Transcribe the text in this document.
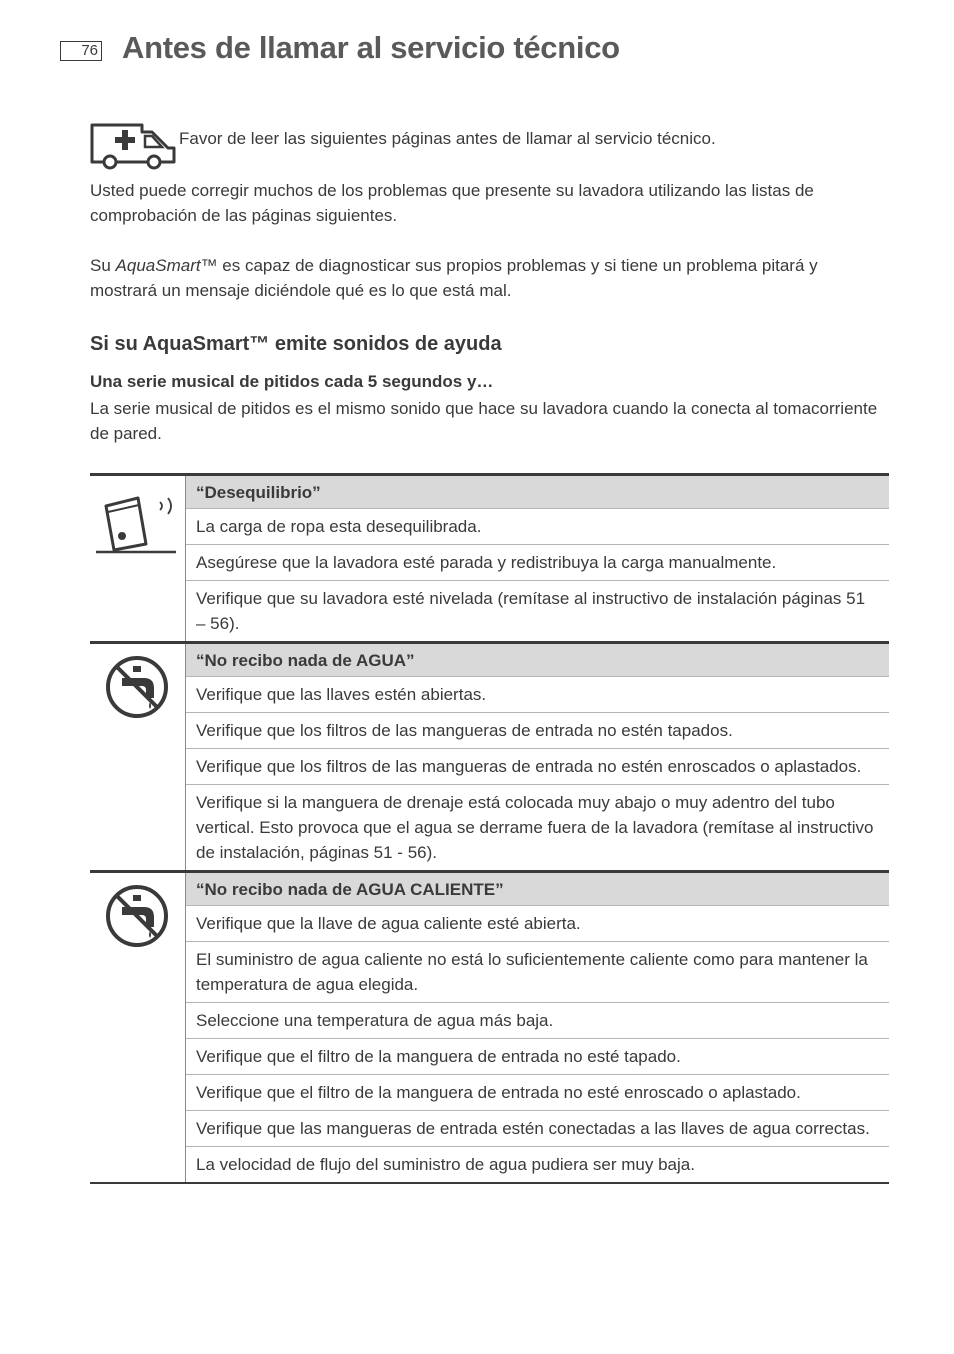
76 Antes de llamar al servicio técnico
Favor de leer las siguientes páginas antes de llamar al servicio técnico.

Usted puede corregir muchos de los problemas que presente su lavadora utilizando las listas de comprobación de las páginas siguientes.

Su AquaSmart™ es capaz de diagnosticar sus propios problemas y si tiene un problema pitará y mostrará un mensaje diciéndole qué es lo que está mal.

Si su AquaSmart™ emite sonidos de ayuda
Una serie musical de pitidos cada 5 segundos y…

La serie musical de pitidos es el mismo sonido que hace su lavadora cuando la conecta al tomacorriente de pared.

	“Desequilibrio”
	La carga de ropa esta desequilibrada.
	Asegúrese que la lavadora esté parada y redistribuya la carga manualmente.
	Verifique que su lavadora esté nivelada (remítase al instructivo de instalación páginas 51 – 56).

	“No recibo nada de AGUA”
	Verifique que las llaves estén abiertas.
	Verifique que los filtros de las mangueras de entrada no estén tapados.
	Verifique que los filtros de las mangueras de entrada no estén enroscados o aplastados.
	Verifique si la manguera de drenaje está colocada muy abajo o muy adentro del tubo vertical. Esto provoca que el agua se derrame fuera de la lavadora (remítase al instructivo de instalación, páginas 51 - 56).

	“No recibo nada de AGUA CALIENTE”
	Verifique que la llave de agua caliente esté abierta.
	El suministro de agua caliente no está lo suficientemente caliente como para mantener la temperatura de agua elegida.
	Seleccione una temperatura de agua más baja.
	Verifique que el filtro de la manguera de entrada no esté tapado.
	Verifique que el filtro de la manguera de entrada no esté enroscado o aplastado.
	Verifique que las mangueras de entrada estén conectadas a las llaves de agua correctas.
	La velocidad de flujo del suministro de agua pudiera ser muy baja.
